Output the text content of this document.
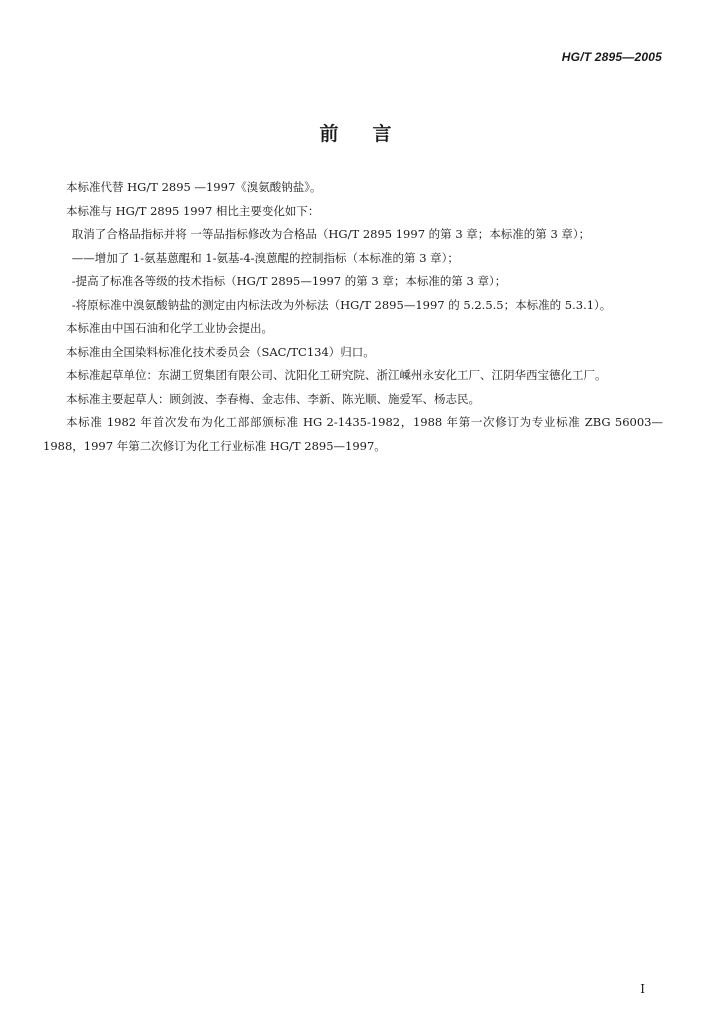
HG/T 2895—2005
前言

本标准代替 HG/T 2895 —1997《溴氨酸钠盐》。

本标准与 HG/T 2895 1997 相比主要变化如下：

取消了合格品指标并将 一等品指标修改为合格品（HG/T 2895 1997 的第 3 章；本标准的第 3 章）；

——增加了 1-氨基蒽醌和 1-氨基-4-溴蒽醌的控制指标（本标准的第 3 章）；

-提高了标准各等级的技术指标（HG/T 2895—1997 的第 3 章；本标准的第 3 章）；

-将原标准中溴氨酸钠盐的测定由内标法改为外标法（HG/T 2895—1997 的 5.2.5.5；本标准的 5.3.1）。

本标准由中国石油和化学工业协会提出。

本标准由全国染料标准化技术委员会（SAC/TC134）归口。

本标准起草单位：东湖工贸集团有限公司、沈阳化工研究院、浙江嵊州永安化工厂、江阴华西宝德化工厂。

本标准主要起草人：顾剑波、李春梅、金志伟、李新、陈光顺、施爱军、杨志民。

本标准 1982 年首次发布为化工部部颁标准 HG 2-1435-1982，1988 年第一次修订为专业标准 ZBG 56003—1988，1997 年第二次修订为化工行业标准 HG/T 2895—1997。

I
